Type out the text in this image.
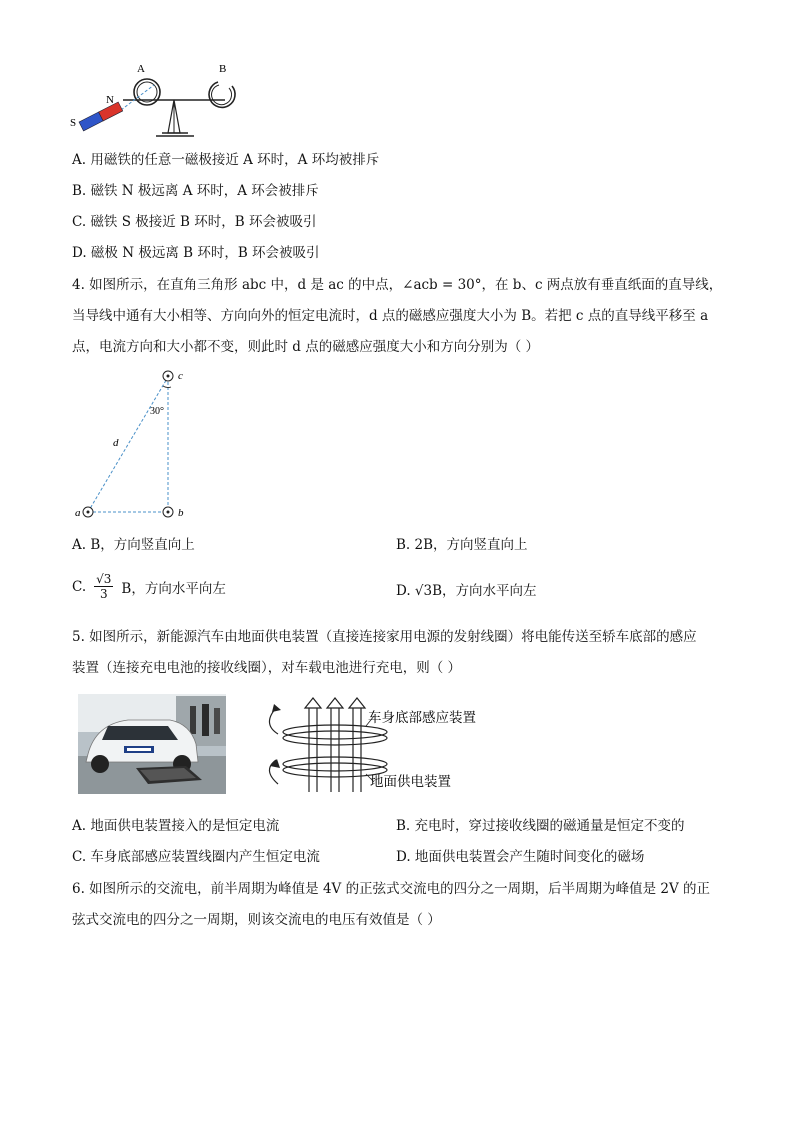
A	B
N
S
A. 用磁铁的任意一磁极接近 A 环时，A 环均被排斥
B. 磁铁 N 极远离 A 环时，A 环会被排斥
C. 磁铁 S 极接近 B 环时，B 环会被吸引
D. 磁极 N 极远离 B 环时，B 环会被吸引
4. 如图所示，在直角三角形 abc 中，d 是 ac 的中点，∠acb = 30°，在 b、c 两点放有垂直纸面的直导线，
当导线中通有大小相等、方向向外的恒定电流时，d 点的磁感应强度大小为 B。若把 c 点的直导线平移至 a
点，电流方向和大小都不变，则此时 d 点的磁感应强度大小和方向分别为（ ）
c
30°
d
a	b
A. B，方向竖直向上	B. 2B，方向竖直向上
C. $\frac{√3}{3}$ B，方向水平向左	D. √3B，方向水平向左
5. 如图所示，新能源汽车由地面供电装置（直接连接家用电源的发射线圈）将电能传送至轿车底部的感应
装置（连接充电电池的接收线圈），对车载电池进行充电，则（ ）
车身底部感应装置
地面供电装置
A. 地面供电装置接入的是恒定电流	B. 充电时，穿过接收线圈的磁通量是恒定不变的
C. 车身底部感应装置线圈内产生恒定电流	D. 地面供电装置会产生随时间变化的磁场
6. 如图所示的交流电，前半周期为峰值是 4V 的正弦式交流电的四分之一周期，后半周期为峰值是 2V 的正
弦式交流电的四分之一周期，则该交流电的电压有效值是（ ）
